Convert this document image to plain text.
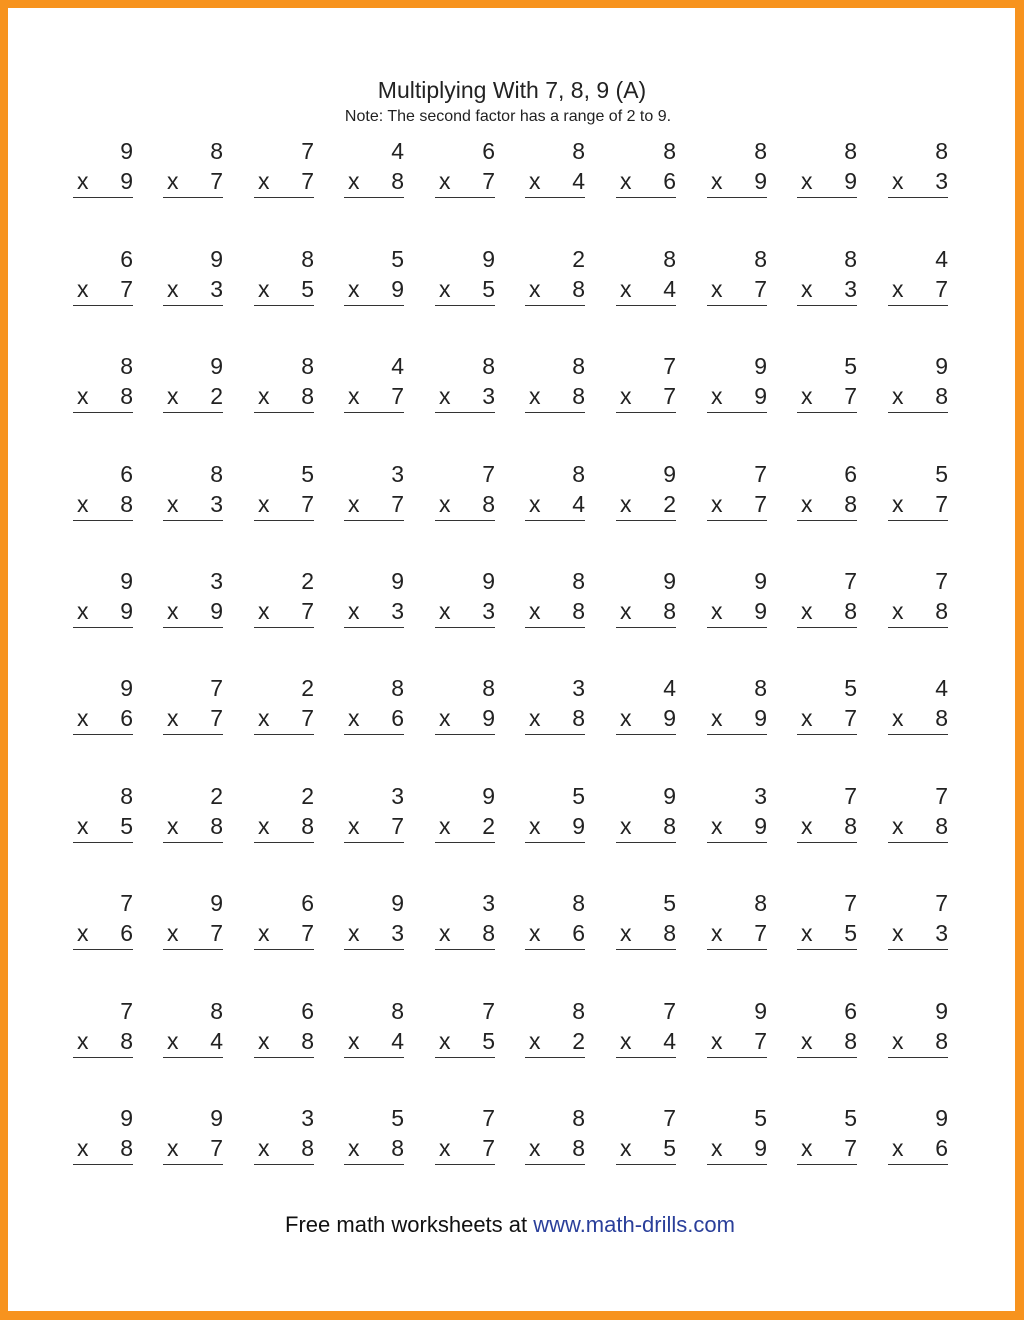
Multiplying With 7, 8, 9 (A)
Note: The second factor has a range of 2 to 9.
9
x 9
8
x 7
7
x 7
4
x 8
6
x 7
8
x 4
8
x 6
8
x 9
8
x 9
8
x 3
6
x 7
9
x 3
8
x 5
5
x 9
9
x 5
2
x 8
8
x 4
8
x 7
8
x 3
4
x 7
8
x 8
9
x 2
8
x 8
4
x 7
8
x 3
8
x 8
7
x 7
9
x 9
5
x 7
9
x 8
6
x 8
8
x 3
5
x 7
3
x 7
7
x 8
8
x 4
9
x 2
7
x 7
6
x 8
5
x 7
9
x 9
3
x 9
2
x 7
9
x 3
9
x 3
8
x 8
9
x 8
9
x 9
7
x 8
7
x 8
9
x 6
7
x 7
2
x 7
8
x 6
8
x 9
3
x 8
4
x 9
8
x 9
5
x 7
4
x 8
8
x 5
2
x 8
2
x 8
3
x 7
9
x 2
5
x 9
9
x 8
3
x 9
7
x 8
7
x 8
7
x 6
9
x 7
6
x 7
9
x 3
3
x 8
8
x 6
5
x 8
8
x 7
7
x 5
7
x 3
7
x 8
8
x 4
6
x 8
8
x 4
7
x 5
8
x 2
7
x 4
9
x 7
6
x 8
9
x 8
9
x 8
9
x 7
3
x 8
5
x 8
7
x 7
8
x 8
7
x 5
5
x 9
5
x 7
9
x 6
Free math worksheets at www.math-drills.com
